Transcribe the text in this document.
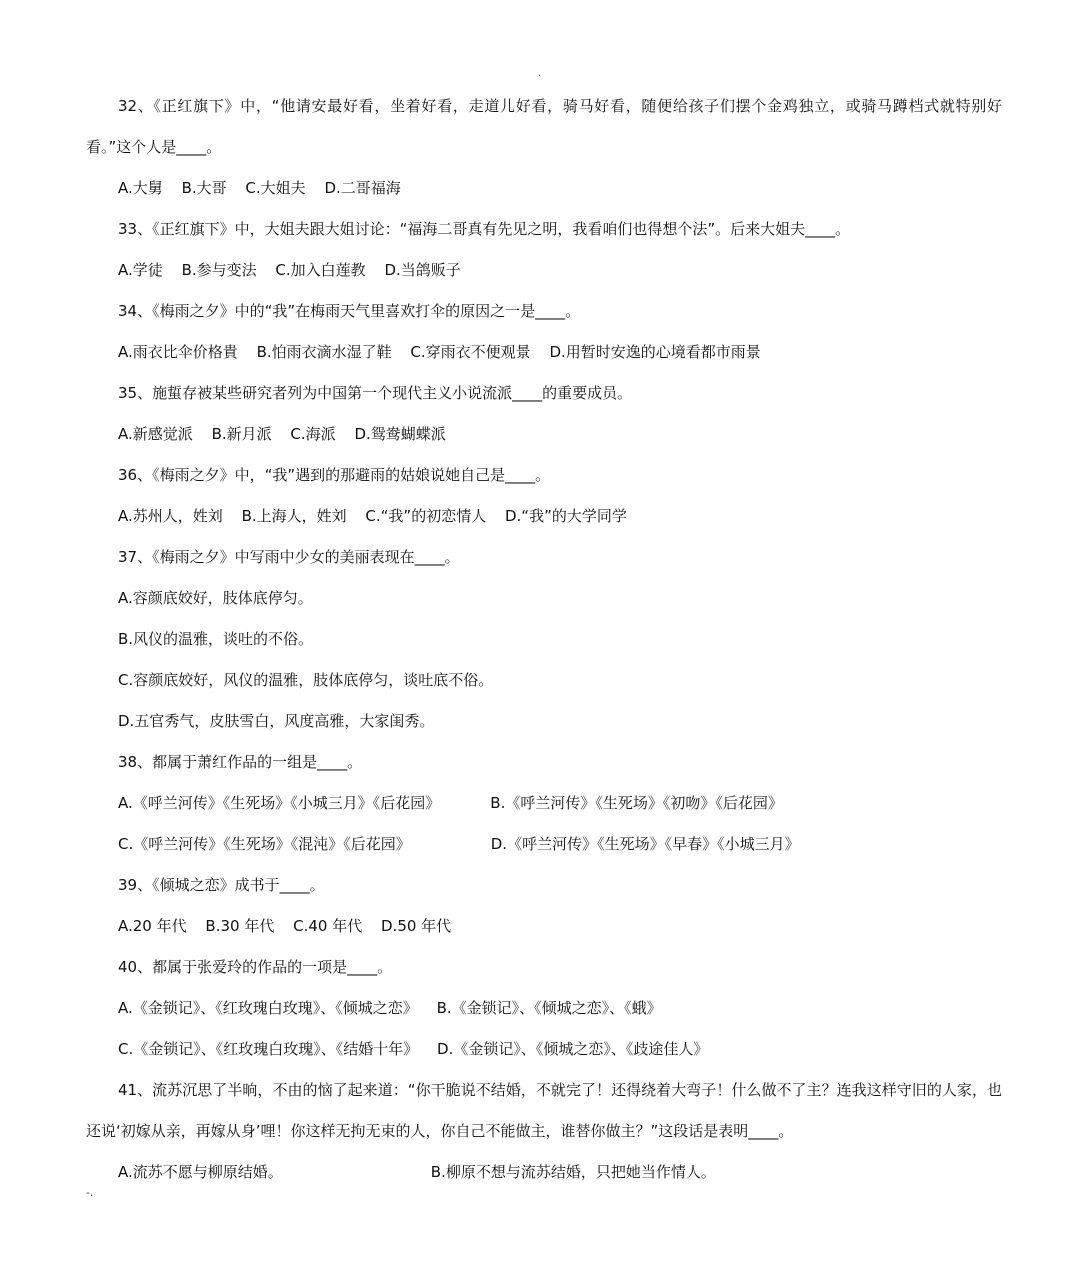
.
32、《正红旗下》中，“他请安最好看，坐着好看，走道儿好看，骑马好看，随便给孩子们摆个金鸡独立，或骑马蹲档式就特别好看。”这个人是____。
A.大舅 B.大哥 C.大姐夫 D.二哥福海
33、《正红旗下》中，大姐夫跟大姐讨论：“福海二哥真有先见之明，我看咱们也得想个法”。后来大姐夫____。
A.学徒 B.参与变法 C.加入白莲教 D.当鸽贩子
34、《梅雨之夕》中的“我”在梅雨天气里喜欢打伞的原因之一是____。
A.雨衣比伞价格貴 B.怕雨衣滴水湿了鞋 C.穿雨衣不便观景 D.用暂时安逸的心境看都市雨景
35、施蜇存被某些研究者列为中国第一个现代主义小说流派____的重要成员。
A.新感觉派 B.新月派 C.海派 D.鸳鸯蝴蝶派
36、《梅雨之夕》中，“我”遇到的那避雨的姑娘说她自己是____。
A.苏州人，姓刘 B.上海人，姓刘 C.“我”的初恋情人 D.“我”的大学同学
37、《梅雨之夕》中写雨中少女的美丽表现在____。
A.容颜底姣好，肢体底停匀。
B.风仪的温雅，谈吐的不俗。
C.容颜底姣好，风仪的温雅，肢体底停匀，谈吐底不俗。
D.五官秀气，皮肤雪白，风度高雅，大家闺秀。
38、都属于萧红作品的一组是____。
A.《呼兰河传》《生死场》《小城三月》《后花园》	B.《呼兰河传》《生死场》《初吻》《后花园》
C.《呼兰河传》《生死场》《混沌》《后花园》	D.《呼兰河传》《生死场》《早春》《小城三月》
39、《倾城之恋》成书于____。
A.20 年代 B.30 年代 C.40 年代 D.50 年代
40、都属于张爱玲的作品的一项是____。
A.《金锁记》、《红玫瑰白玫瑰》、《倾城之恋》 B.《金锁记》、《倾城之恋》、《蛾》
C.《金锁记》、《红玫瑰白玫瑰》、《结婚十年》 D.《金锁记》、《倾城之恋》、《歧途佳人》
41、流苏沉思了半晌，不由的恼了起来道：“你干脆说不结婚，不就完了！还得绕着大弯子！什么做不了主？连我这样守旧的人家，也还说‘初嫁从亲，再嫁从身’哩！你这样无拘无束的人，你自己不能做主，谁替你做主？”这段话是表明____。
A.流苏不愿与柳原结婚。	B.柳原不想与流苏结婚，只把她当作情人。
-.
